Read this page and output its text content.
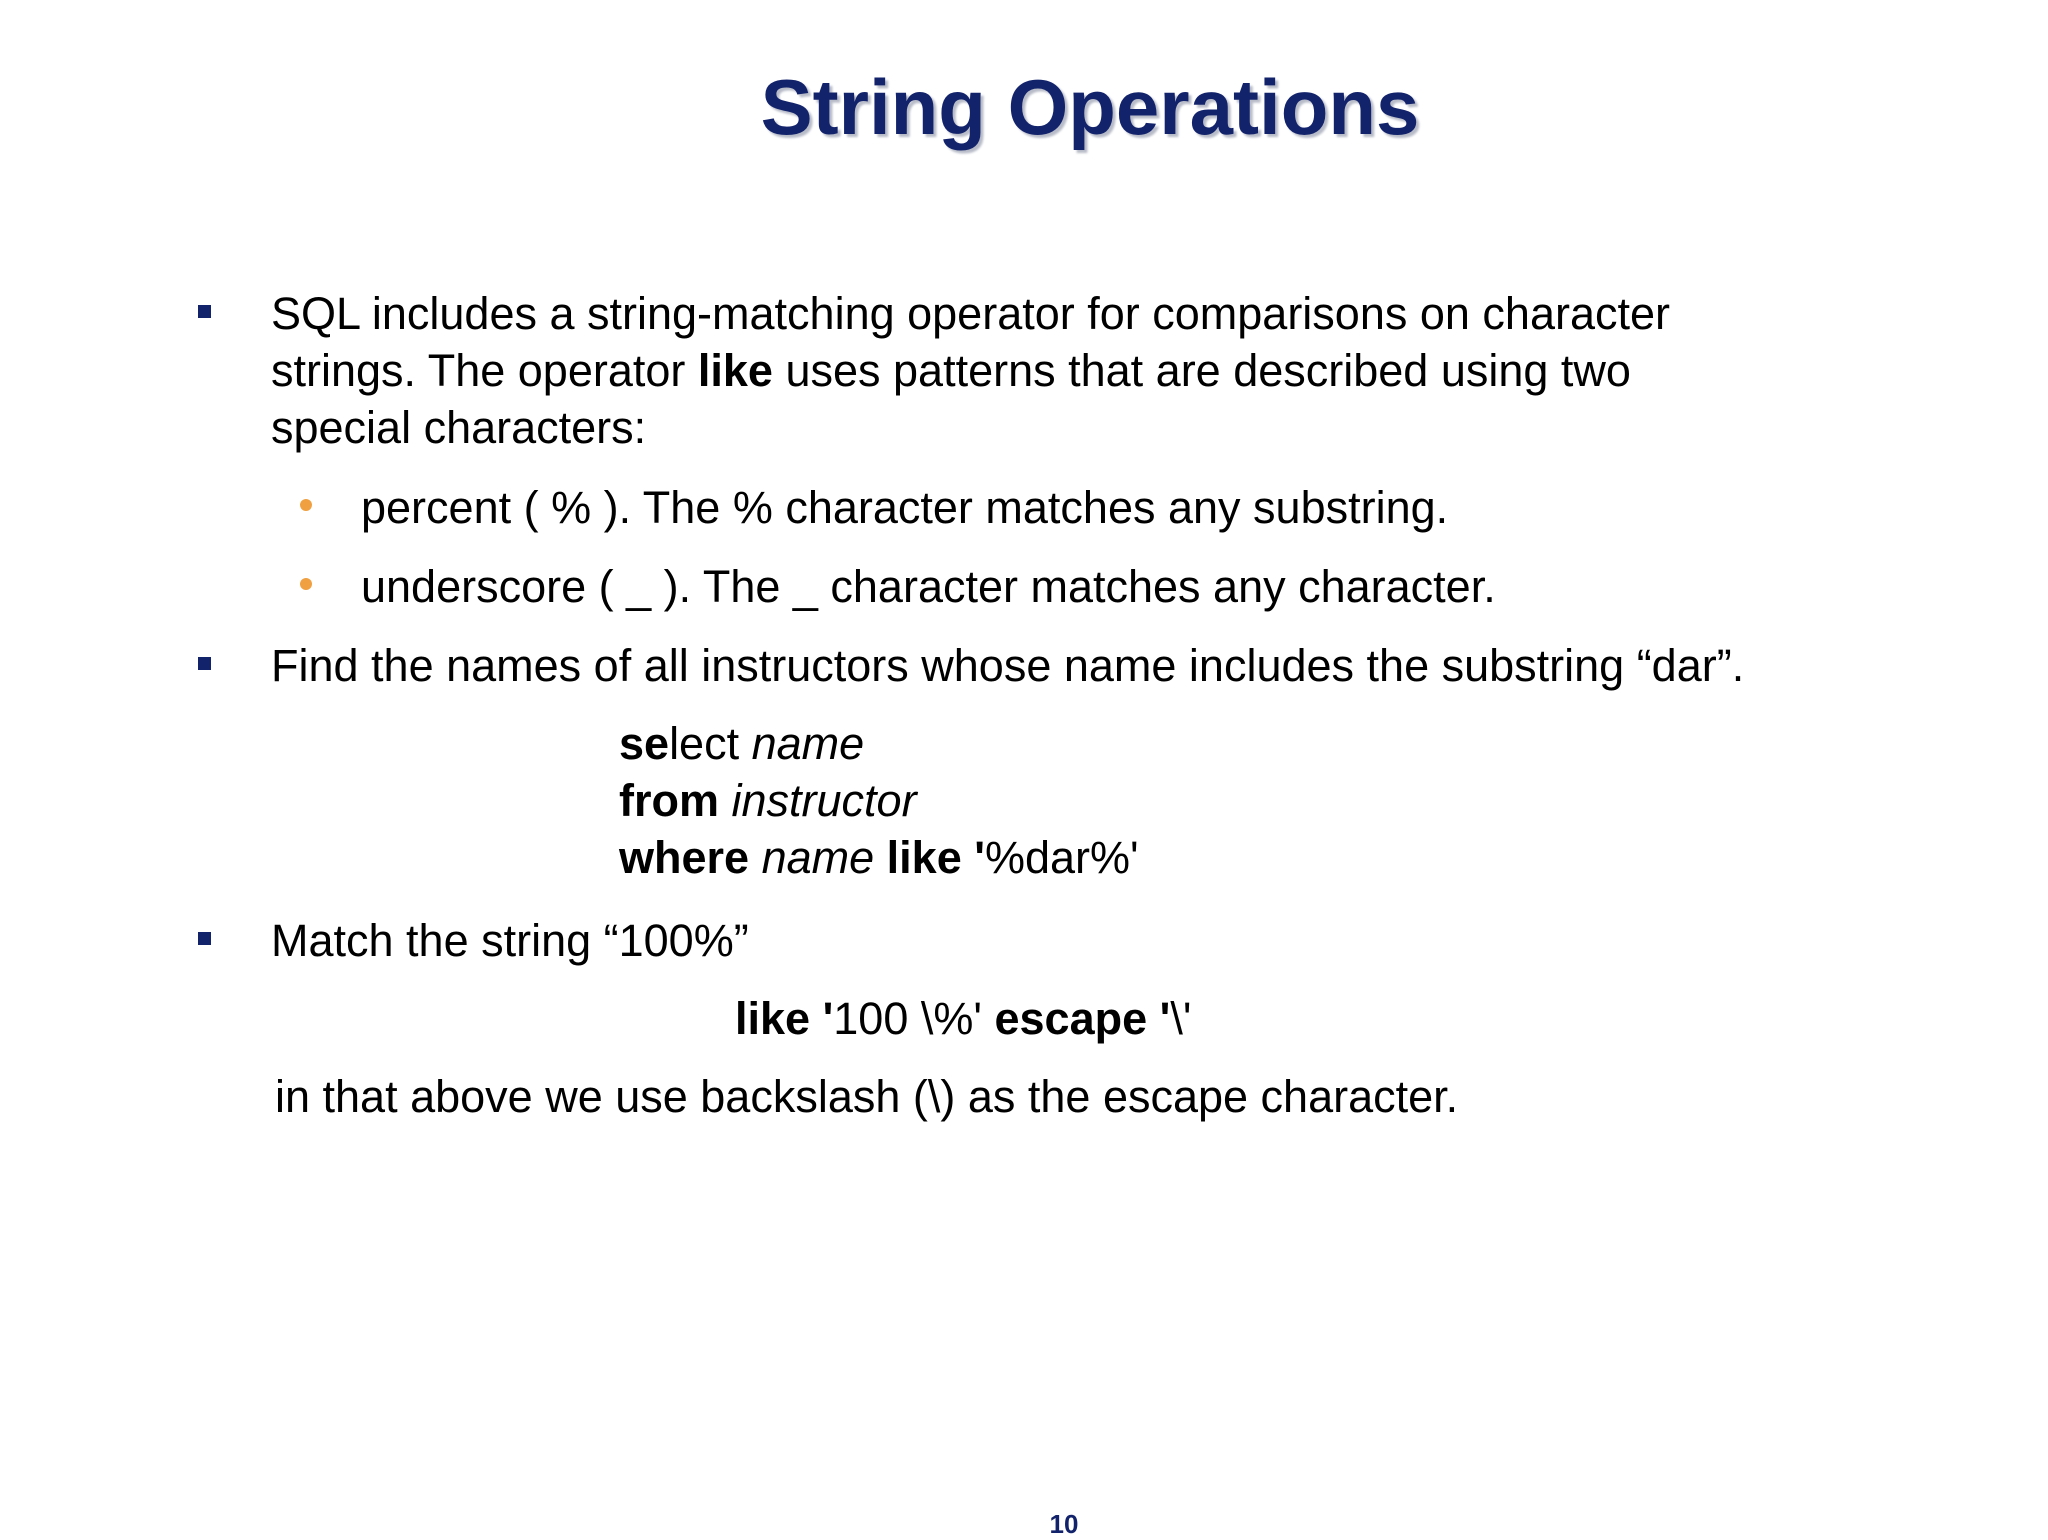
String Operations

SQL includes a string-matching operator for comparisons on character

strings. The operator like uses patterns that are described using two

special characters:

percent ( % ). The % character matches any substring.

underscore ( _ ). The _ character matches any character.

Find the names of all instructors whose name includes the substring “dar”.

select name

from instructor

where name like '%dar%'

Match the string “100%”

like '100 \%' escape '\'

in that above we use backslash (\) as the escape character.

10
